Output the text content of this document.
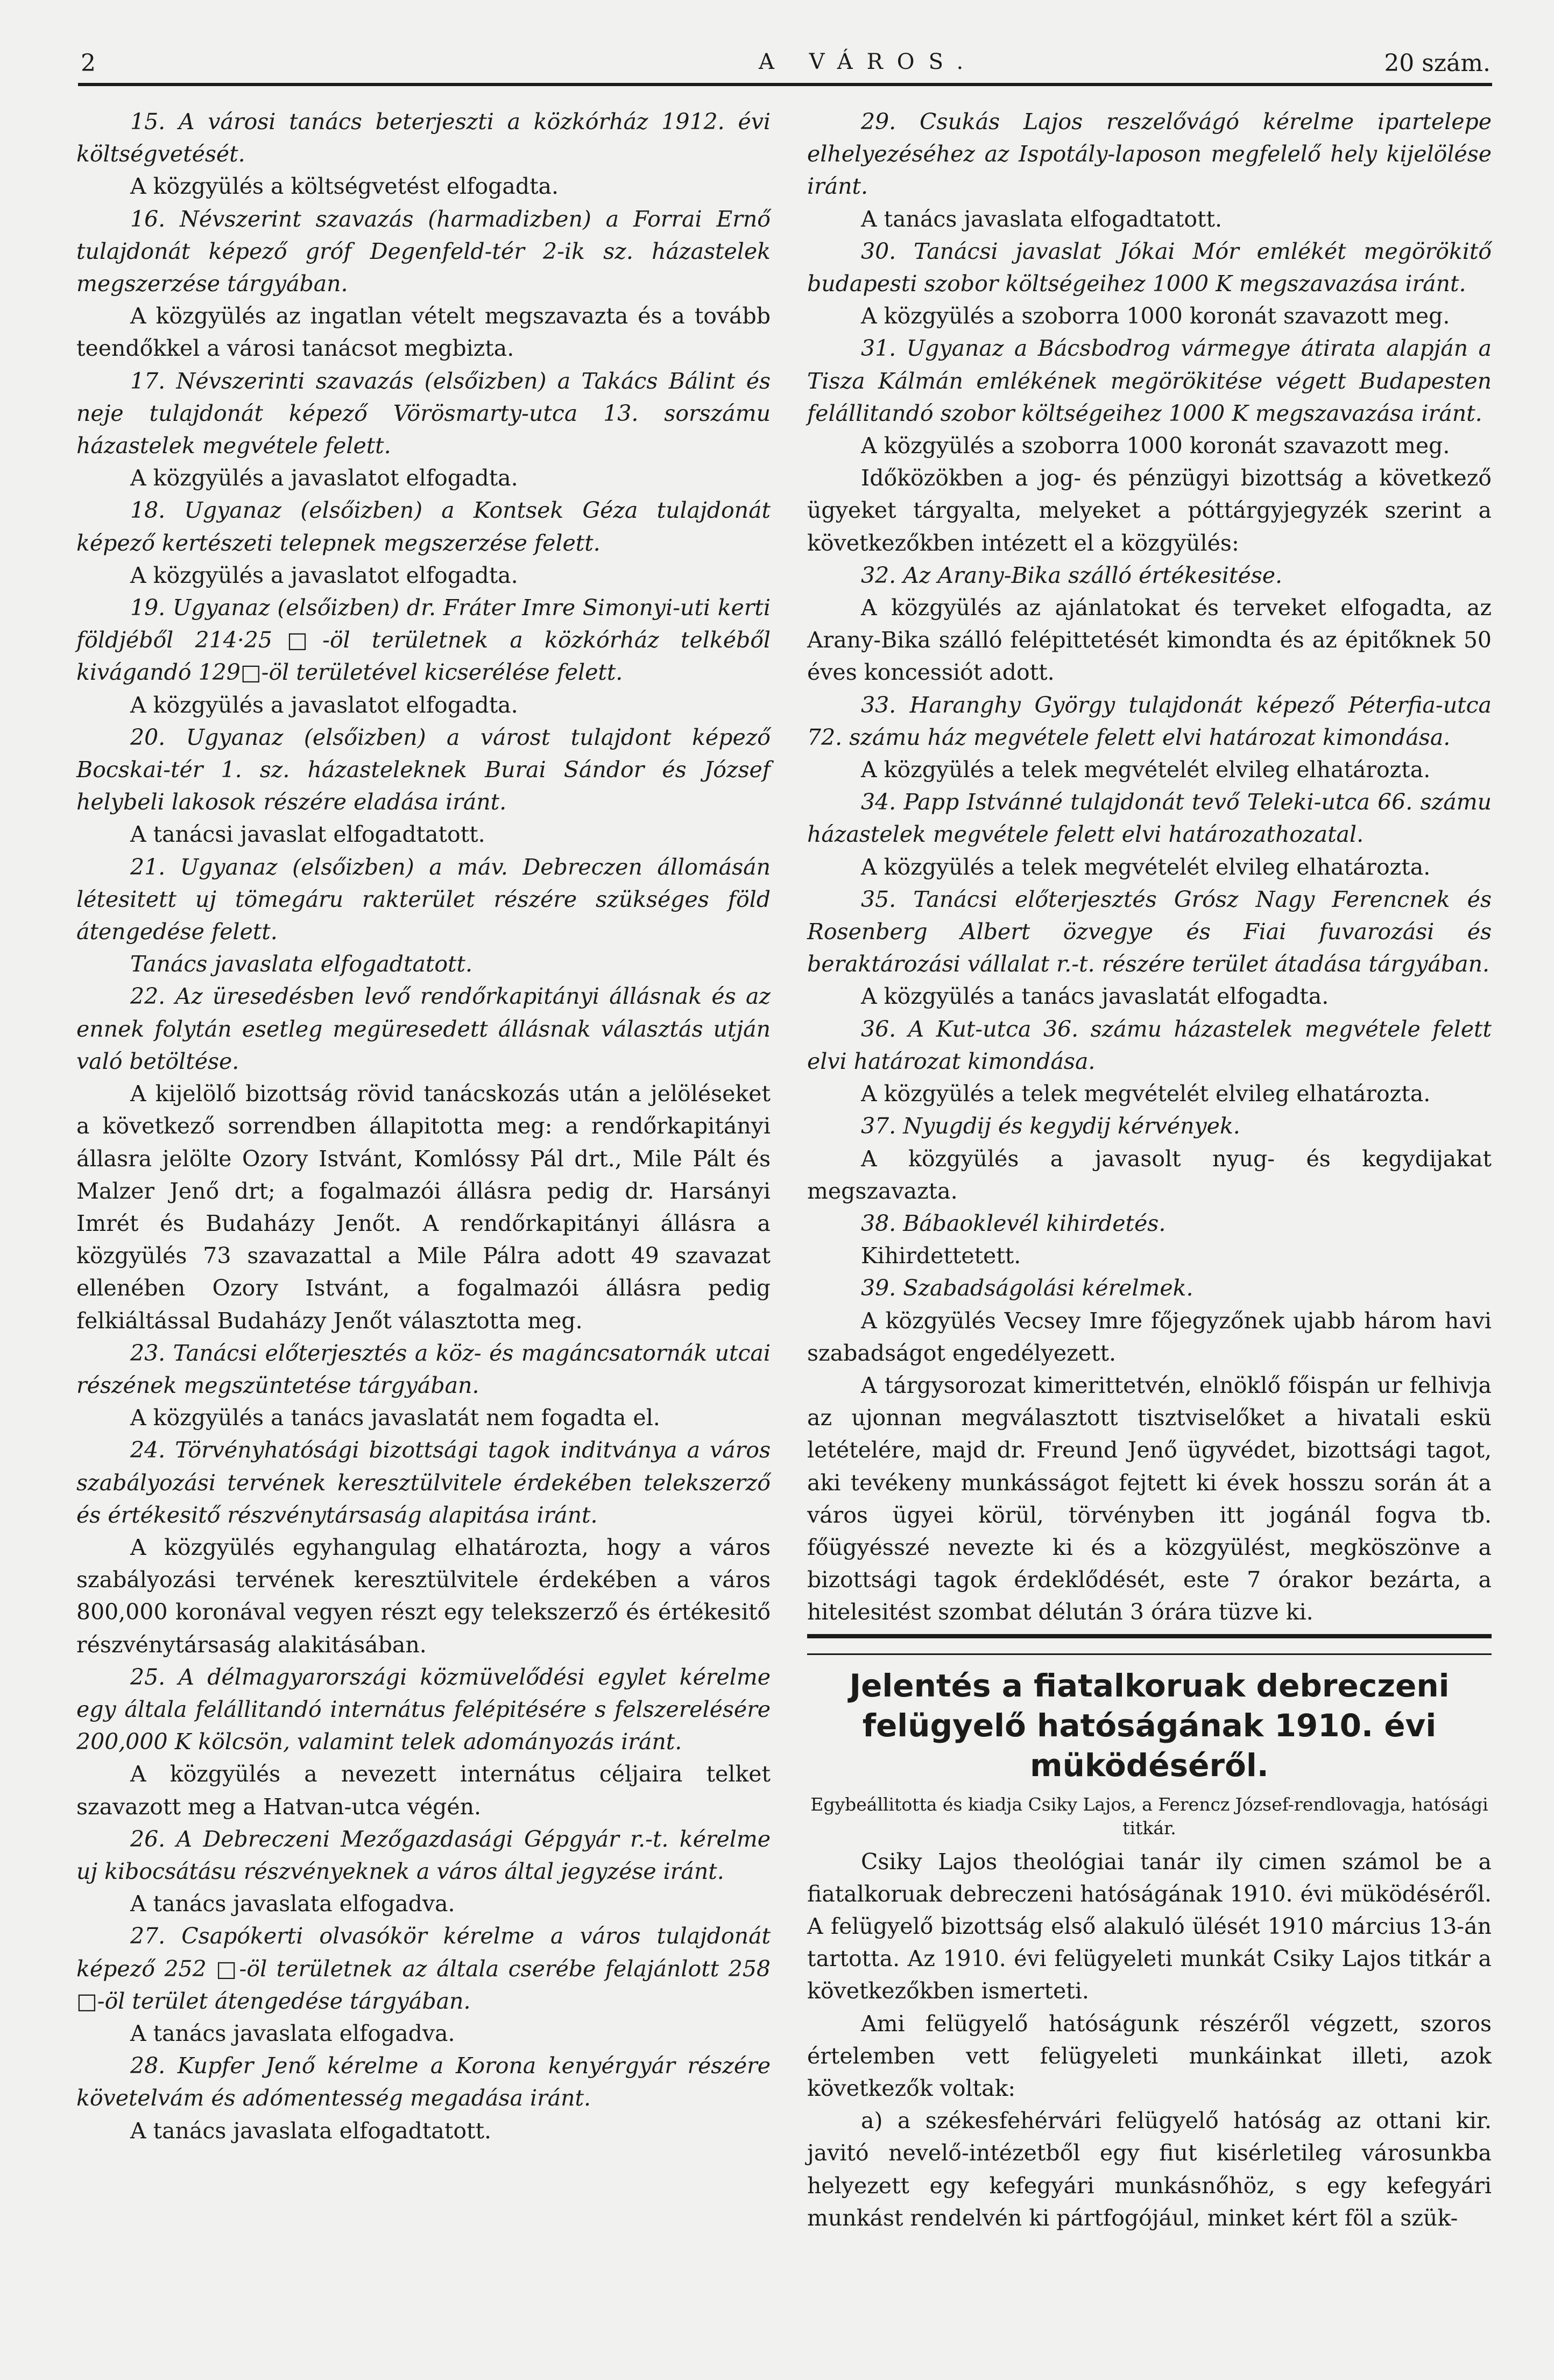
2	A VÁROS.	20 szám.

15. A városi tanács beterjeszti a közkórház 1912. évi költségvetését.

A közgyülés a költségvetést elfogadta.

16. Névszerint szavazás (harmadizben) a Forrai Ernő tulajdonát képező gróf Degenfeld-tér 2-ik sz. házastelek megszerzése tárgyában.

A közgyülés az ingatlan vételt megszavazta és a tovább teendőkkel a városi tanácsot megbizta.

17. Névszerinti szavazás (elsőizben) a Takács Bálint és neje tulajdonát képező Vörösmarty-utca 13. sorszámu házastelek megvétele felett.

A közgyülés a javaslatot elfogadta.

18. Ugyanaz (elsőizben) a Kontsek Géza tulajdonát képező kertészeti telepnek megszerzése felett.

A közgyülés a javaslatot elfogadta.

19. Ugyanaz (elsőizben) dr. Fráter Imre Simonyi-uti kerti földjéből 214·25□-öl területnek a közkórház telkéből kivágandó 129□-öl területével kicserélése felett.

A közgyülés a javaslatot elfogadta.

20. Ugyanaz (elsőizben) a várost tulajdont képező Bocskai-tér 1. sz. házasteleknek Burai Sándor és József helybeli lakosok részére eladása iránt.

A tanácsi javaslat elfogadtatott.

21. Ugyanaz (elsőizben) a máv. Debreczen állomásán létesitett uj tömegáru rakterület részére szükséges föld átengedése felett.

Tanács javaslata elfogadtatott.

22. Az üresedésben levő rendőrkapitányi állásnak és az ennek folytán esetleg megüresedett állásnak választás utján való betöltése.

A kijelölő bizottság rövid tanácskozás után a jelöléseket a következő sorrendben állapitotta meg: a rendőrkapitányi állasra jelölte Ozory Istvánt, Komlóssy Pál drt., Mile Pált és Malzer Jenő drt; a fogalmazói állásra pedig dr. Harsányi Imrét és Budaházy Jenőt. A rendőrkapitányi állásra a közgyülés 73 szavazattal a Mile Pálra adott 49 szavazat ellenében Ozory Istvánt, a fogalmazói állásra pedig felkiáltással Budaházy Jenőt választotta meg.

23. Tanácsi előterjesztés a köz- és magáncsatornák utcai részének megszüntetése tárgyában.

A közgyülés a tanács javaslatát nem fogadta el.

24. Törvényhatósági bizottsági tagok inditványa a város szabályozási tervének keresztülvitele érdekében telekszerző és értékesitő részvénytársaság alapitása iránt.

A közgyülés egyhangulag elhatározta, hogy a város szabályozási tervének keresztülvitele érdekében a város 800,000 koronával vegyen részt egy telekszerző és értékesitő részvénytársaság alakitásában.

25. A délmagyarországi közmüvelődési egylet kérelme egy általa felállitandó internátus felépitésére s felszerelésére 200,000 K kölcsön, valamint telek adományozás iránt.

A közgyülés a nevezett internátus céljaira telket szavazott meg a Hatvan-utca végén.

26. A Debreczeni Mezőgazdasági Gépgyár r.-t. kérelme uj kibocsátásu részvényeknek a város által jegyzése iránt.

A tanács javaslata elfogadva.

27. Csapókerti olvasókör kérelme a város tulajdonát képező 252 □-öl területnek az általa cserébe felajánlott 258 □-öl terület átengedése tárgyában.

A tanács javaslata elfogadva.

28. Kupfer Jenő kérelme a Korona kenyérgyár részére követelvám és adómentesség megadása iránt.

A tanács javaslata elfogadtatott.

29. Csukás Lajos reszelővágó kérelme ipartelepe elhelyezéséhez az Ispotály-laposon megfelelő hely kijelölése iránt.

A tanács javaslata elfogadtatott.

30. Tanácsi javaslat Jókai Mór emlékét megörökitő budapesti szobor költségeihez 1000 K megszavazása iránt.

A közgyülés a szoborra 1000 koronát szavazott meg.

31. Ugyanaz a Bácsbodrog vármegye átirata alapján a Tisza Kálmán emlékének megörökitése végett Budapesten felállitandó szobor költségeihez 1000 K megszavazása iránt.

A közgyülés a szoborra 1000 koronát szavazott meg.

Időközökben a jog- és pénzügyi bizottság a következő ügyeket tárgyalta, melyeket a póttárgyjegyzék szerint a következőkben intézett el a közgyülés:

32. Az Arany-Bika szálló értékesitése.

A közgyülés az ajánlatokat és terveket elfogadta, az Arany-Bika szálló felépittetését kimondta és az épitőknek 50 éves koncessiót adott.

33. Haranghy György tulajdonát képező Péterfia-utca 72. számu ház megvétele felett elvi határozat kimondása.

A közgyülés a telek megvételét elvileg elhatározta.

34. Papp Istvánné tulajdonát tevő Teleki-utca 66. számu házastelek megvétele felett elvi határozathozatal.

A közgyülés a telek megvételét elvileg elhatározta.

35. Tanácsi előterjesztés Grósz Nagy Ferencnek és Rosenberg Albert özvegye és Fiai fuvarozási és beraktározási vállalat r.-t. részére terület átadása tárgyában.

A közgyülés a tanács javaslatát elfogadta.

36. A Kut-utca 36. számu házastelek megvétele felett elvi határozat kimondása.

A közgyülés a telek megvételét elvileg elhatározta.

37. Nyugdij és kegydij kérvények.

A közgyülés a javasolt nyug- és kegydijakat megszavazta.

38. Bábaoklevél kihirdetés.

Kihirdettetett.

39. Szabadságolási kérelmek.

A közgyülés Vecsey Imre főjegyzőnek ujabb három havi szabadságot engedélyezett.

A tárgysorozat kimerittetvén, elnöklő főispán ur felhivja az ujonnan megválasztott tisztviselőket a hivatali eskü letételére, majd dr. Freund Jenő ügyvédet, bizottsági tagot, aki tevékeny munkásságot fejtett ki évek hosszu során át a város ügyei körül, törvényben itt jogánál fogva tb. főügyésszé nevezte ki és a közgyülést, megköszönve a bizottsági tagok érdeklődését, este 7 órakor bezárta, a hitelesitést szombat délután 3 órára tüzve ki.

Jelentés a fiatalkoruak debreczeni felügyelő hatóságának 1910. évi müködéséről.
Egybeállitotta és kiadja Csiky Lajos, a Ferencz József-rendlovagja, hatósági titkár.

Csiky Lajos theológiai tanár ily cimen számol be a fiatalkoruak debreczeni hatóságának 1910. évi müködéséről. A felügyelő bizottság első alakuló ülését 1910 március 13-án tartotta. Az 1910. évi felügyeleti munkát Csiky Lajos titkár a következőkben ismerteti.

Ami felügyelő hatóságunk részéről végzett, szoros értelemben vett felügyeleti munkáinkat illeti, azok következők voltak:

a) a székesfehérvári felügyelő hatóság az ottani kir. javitó nevelő-intézetből egy fiut kisérletileg városunkba helyezett egy kefegyári munkásnőhöz, s egy kefegyári munkást rendelvén ki pártfogójául, minket kért föl a szük-
